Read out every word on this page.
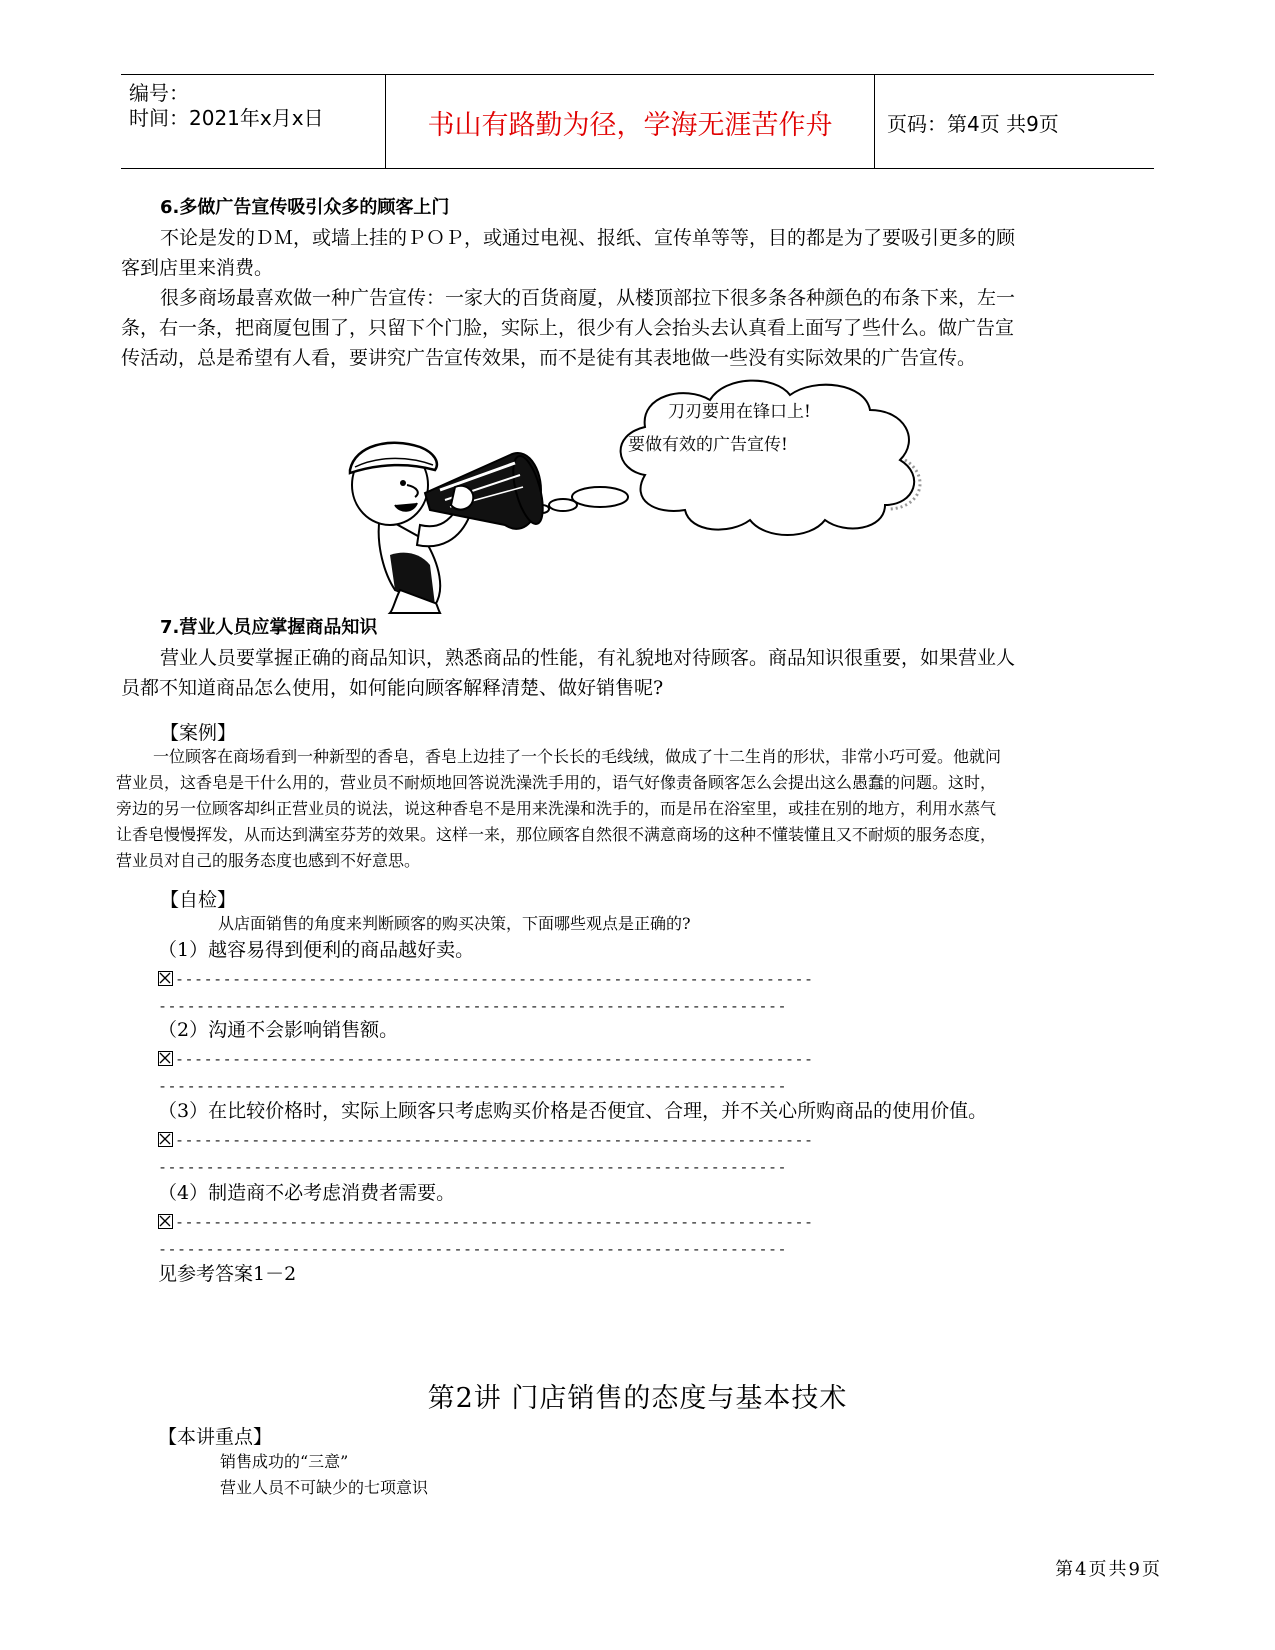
编号：
时间：2021年x月x日	书山有路勤为径，学海无涯苦作舟	页码：第4页 共9页
6.多做广告宣传吸引众多的顾客上门
不论是发的ＤＭ，或墙上挂的ＰＯＰ，或通过电视、报纸、宣传单等等，目的都是为了要吸引更多的顾
客到店里来消费。
很多商场最喜欢做一种广告宣传：一家大的百货商厦，从楼顶部拉下很多条各种颜色的布条下来，左一
条，右一条，把商厦包围了，只留下个门脸，实际上，很少有人会抬头去认真看上面写了些什么。做广告宣
传活动，总是希望有人看，要讲究广告宣传效果，而不是徒有其表地做一些没有实际效果的广告宣传。
刀刃要用在锋口上!
要做有效的广告宣传!
7.营业人员应掌握商品知识
营业人员要掌握正确的商品知识，熟悉商品的性能，有礼貌地对待顾客。商品知识很重要，如果营业人
员都不知道商品怎么使用，如何能向顾客解释清楚、做好销售呢?
【案例】
一位顾客在商场看到一种新型的香皂，香皂上边挂了一个长长的毛线绒，做成了十二生肖的形状，非常小巧可爱。他就问
营业员，这香皂是干什么用的，营业员不耐烦地回答说洗澡洗手用的，语气好像责备顾客怎么会提出这么愚蠢的问题。这时，
旁边的另一位顾客却纠正营业员的说法，说这种香皂不是用来洗澡和洗手的，而是吊在浴室里，或挂在别的地方，利用水蒸气
让香皂慢慢挥发，从而达到满室芬芳的效果。这样一来，那位顾客自然很不满意商场的这种不懂装懂且又不耐烦的服务态度，
营业员对自己的服务态度也感到不好意思。
【自检】
从店面销售的角度来判断顾客的购买决策，下面哪些观点是正确的?
（1）越容易得到便利的商品越好卖。
-------------------------------------------------------------------
------------------------------------------------------------------
（2）沟通不会影响销售额。
-------------------------------------------------------------------
------------------------------------------------------------------
（3）在比较价格时，实际上顾客只考虑购买价格是否便宜、合理，并不关心所购商品的使用价值。
-------------------------------------------------------------------
------------------------------------------------------------------
（4）制造商不必考虑消费者需要。
-------------------------------------------------------------------
------------------------------------------------------------------
见参考答案1－2
第2讲 门店销售的态度与基本技术
【本讲重点】
销售成功的“三意”
营业人员不可缺少的七项意识
第4页共9页
